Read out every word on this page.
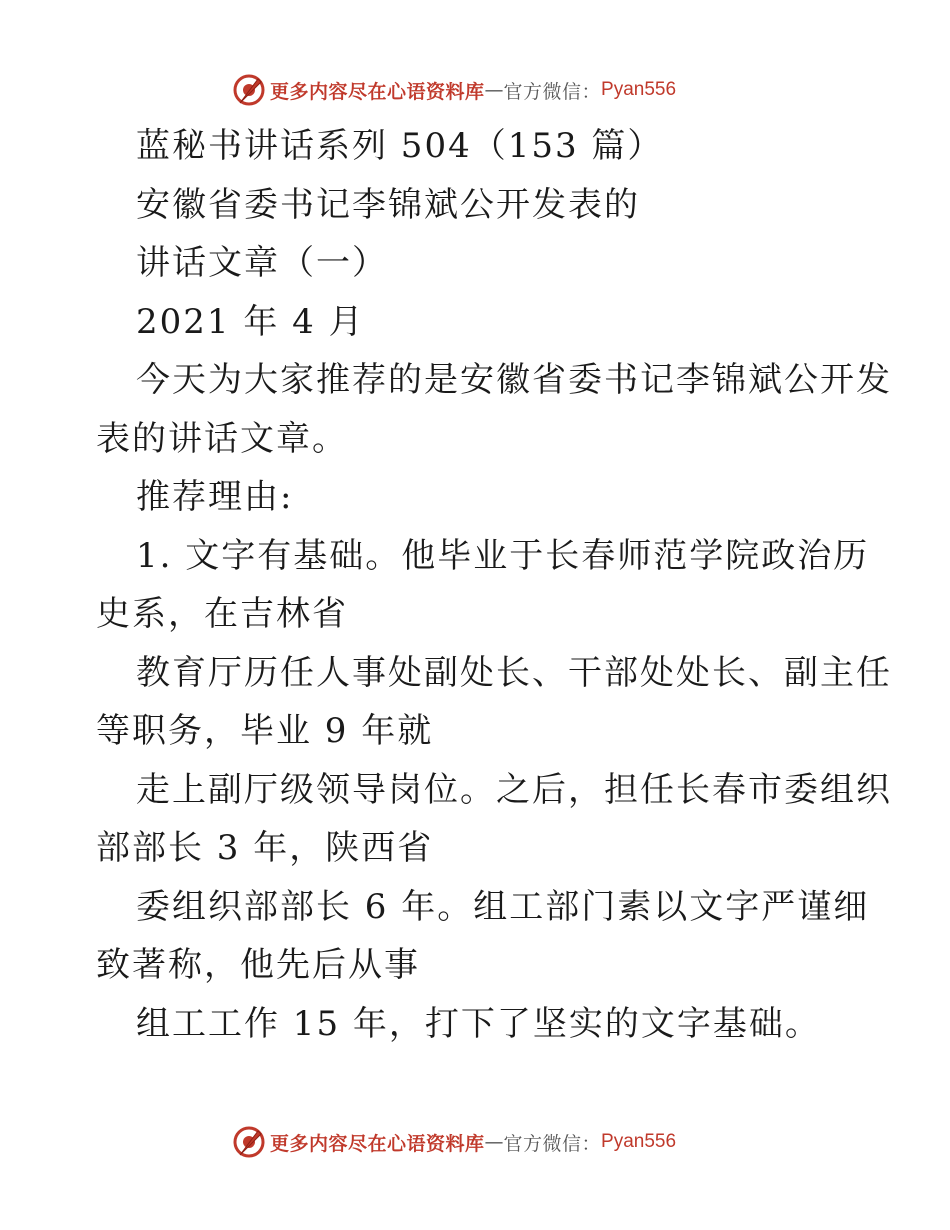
更多内容尽在心语资料库 — 官方微信： Pyan556
蓝秘书讲话系列 504（153 篇）
安徽省委书记李锦斌公开发表的
讲话文章（一）
2021 年 4 月
今天为大家推荐的是安徽省委书记李锦斌公开发
表的讲话文章。
推荐理由:
1. 文字有基础。他毕业于长春师范学院政治历
史系，在吉林省
教育厅历任人事处副处长、干部处处长、副主任
等职务，毕业 9 年就
走上副厅级领导岗位。之后，担任长春市委组织
部部长 3 年，陕西省
委组织部部长 6 年。组工部门素以文字严谨细
致著称，他先后从事
组工工作 15 年，打下了坚实的文字基础。
更多内容尽在心语资料库 — 官方微信： Pyan556
